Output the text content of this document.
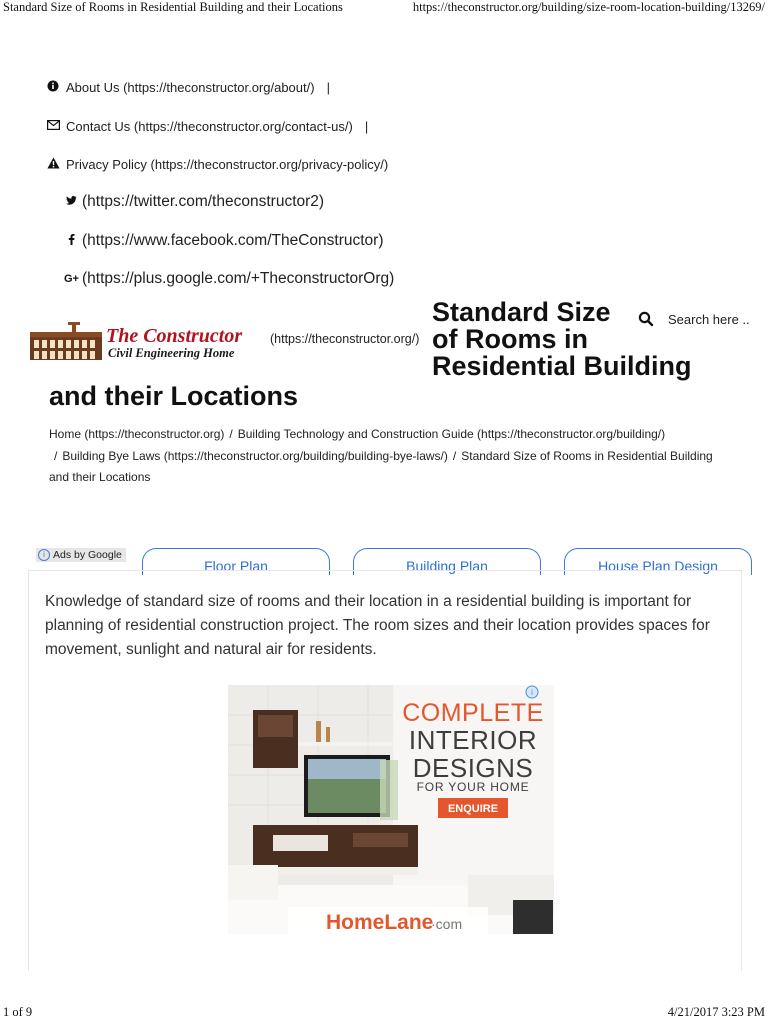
Standard Size of Rooms in Residential Building and their Locations	https://theconstructor.org/building/size-room-location-building/13269/
About Us (https://theconstructor.org/about/) |
Contact Us (https://theconstructor.org/contact-us/) |
Privacy Policy (https://theconstructor.org/privacy-policy/)
(https://twitter.com/theconstructor2)
(https://www.facebook.com/TheConstructor)
G+ (https://plus.google.com/+TheconstructorOrg)
The Constructor
Civil Engineering Home
(https://theconstructor.org/)
Standard Size
of Rooms in
Residential Building
and their Locations
Search here ..
Home (https://theconstructor.org) / Building Technology and Construction Guide (https://theconstructor.org/building/)
/ Building Bye Laws (https://theconstructor.org/building/building-bye-laws/) / Standard Size of Rooms in Residential Building and their Locations
i Ads by Google
Floor Plan	Building Plan	House Plan Design
Knowledge of standard size of rooms and their location in a residential building is important for planning of residential construction project. The room sizes and their location provides spaces for movement, sunlight and natural air for residents.
i
COMPLETE
INTERIOR
DESIGNS
FOR YOUR HOME
ENQUIRE
HomeLane
·com
1 of 9	4/21/2017 3:23 PM
